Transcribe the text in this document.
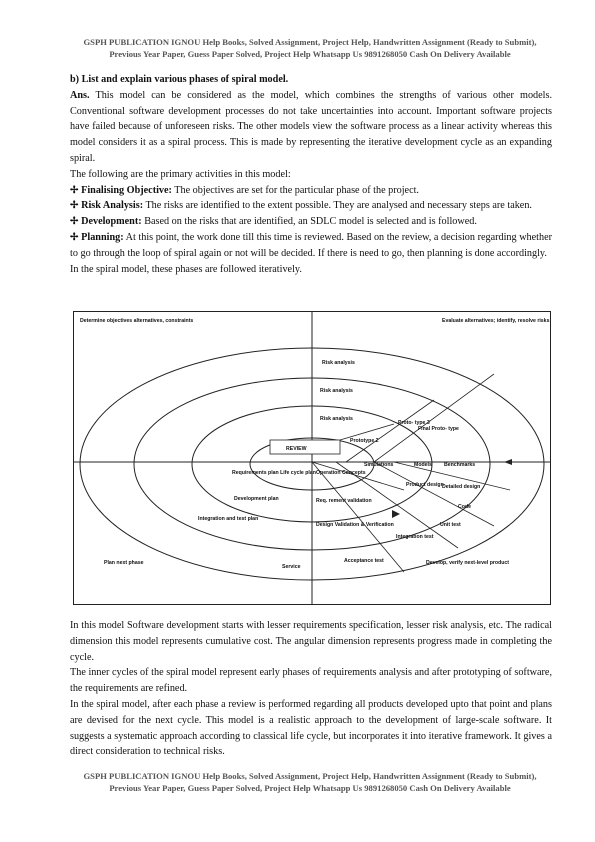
GSPH PUBLICATION IGNOU Help Books, Solved Assignment, Project Help, Handwritten Assignment (Ready to Submit), Previous Year Paper, Guess Paper Solved, Project Help Whatsapp Us 9891268050 Cash On Delivery Available

b) List and explain various phases of spiral model.

Ans. This model can be considered as the model, which combines the strengths of various other models. Conventional software development processes do not take uncertainties into account. Important software projects have failed because of unforeseen risks. The other models view the software process as a linear activity whereas this model considers it as a spiral process. This is made by representing the iterative development cycle as an expanding spiral.

The following are the primary activities in this model:

✢ Finalising Objective: The objectives are set for the particular phase of the project.

✢ Risk Analysis: The risks are identified to the extent possible. They are analysed and necessary steps are taken.

✢ Development: Based on the risks that are identified, an SDLC model is selected and is followed.

✢ Planning: At this point, the work done till this time is reviewed. Based on the review, a decision regarding whether to go through the loop of spiral again or not will be decided. If there is need to go, then planning is done accordingly.

In the spiral model, these phases are followed iteratively.

Determine objectives alternatives, constraints	Evaluate alternatives; identify, resolve risks
Plan next phase	Develop, verify next-level product
REVIEW
Risk analysis
Risk analysis
Risk analysis
Final Proto- type
Proto- type 3
Prototype 2
Simulations	Models Benchmarks
Requirements plan Life cycle plan Operation Concepts
Product design
Detailed design
Development plan	Req. rement validation
Code
Integration and test plan
Design Validation & Verification	Unit test
Integration test
Acceptance test
Service

In this model Software development starts with lesser requirements specification, lesser risk analysis, etc. The radical dimension this model represents cumulative cost. The angular dimension represents progress made in completing the cycle.

The inner cycles of the spiral model represent early phases of requirements analysis and after prototyping of software, the requirements are refined.

In the spiral model, after each phase a review is performed regarding all products developed upto that point and plans are devised for the next cycle. This model is a realistic approach to the development of large-scale software. It suggests a systematic approach according to classical life cycle, but incorporates it into iterative framework. It gives a direct consideration to technical risks.

GSPH PUBLICATION IGNOU Help Books, Solved Assignment, Project Help, Handwritten Assignment (Ready to Submit), Previous Year Paper, Guess Paper Solved, Project Help Whatsapp Us 9891268050 Cash On Delivery Available
